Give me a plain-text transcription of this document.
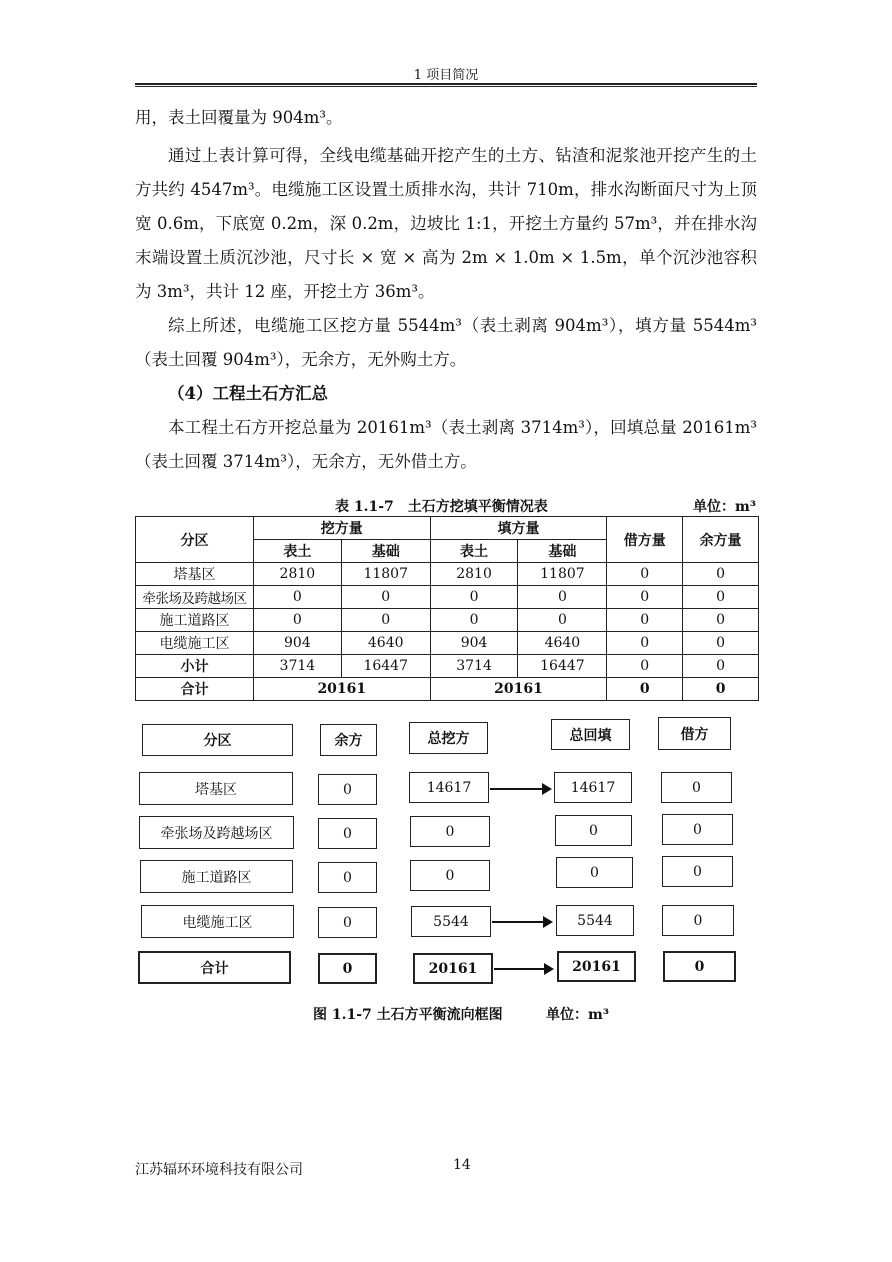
1 项目简况

用，表土回覆量为 904m³。

通过上表计算可得，全线电缆基础开挖产生的土方、钻渣和泥浆池开挖产生的土方共约 4547m³。电缆施工区设置土质排水沟，共计 710m，排水沟断面尺寸为上顶宽 0.6m，下底宽 0.2m，深 0.2m，边坡比 1:1，开挖土方量约 57m³，并在排水沟末端设置土质沉沙池，尺寸长 × 宽 × 高为 2m × 1.0m × 1.5m，单个沉沙池容积为 3m³，共计 12 座，开挖土方 36m³。

综上所述，电缆施工区挖方量 5544m³（表土剥离 904m³），填方量 5544m³（表土回覆 904m³），无余方，无外购土方。

（4）工程土石方汇总

本工程土石方开挖总量为 20161m³（表土剥离 3714m³），回填总量 20161m³（表土回覆 3714m³），无余方，无外借土方。

表 1.1-7　土石方挖填平衡情况表	单位：m³
分区	挖方量		填方量		借方量	余方量
	表土	基础	表土	基础		
塔基区	2810	11807	2810	11807	0	0
牵张场及跨越场区	0	0	0	0	0	0
施工道路区	0	0	0	0	0	0
电缆施工区	904	4640	904	4640	0	0
小计	3714	16447	3714	16447	0	0
合计	20161		20161		0	0
分区	余方	总挖方	总回填	借方
塔基区	0	14617	14617	0
牵张场及跨越场区	0	0	0	0
施工道路区	0	0	0	0
电缆施工区	0	5544	5544	0
合计	0	20161	20161	0
图 1.1-7 土石方平衡流向框图	单位：m³
江苏辐环环境科技有限公司	14
